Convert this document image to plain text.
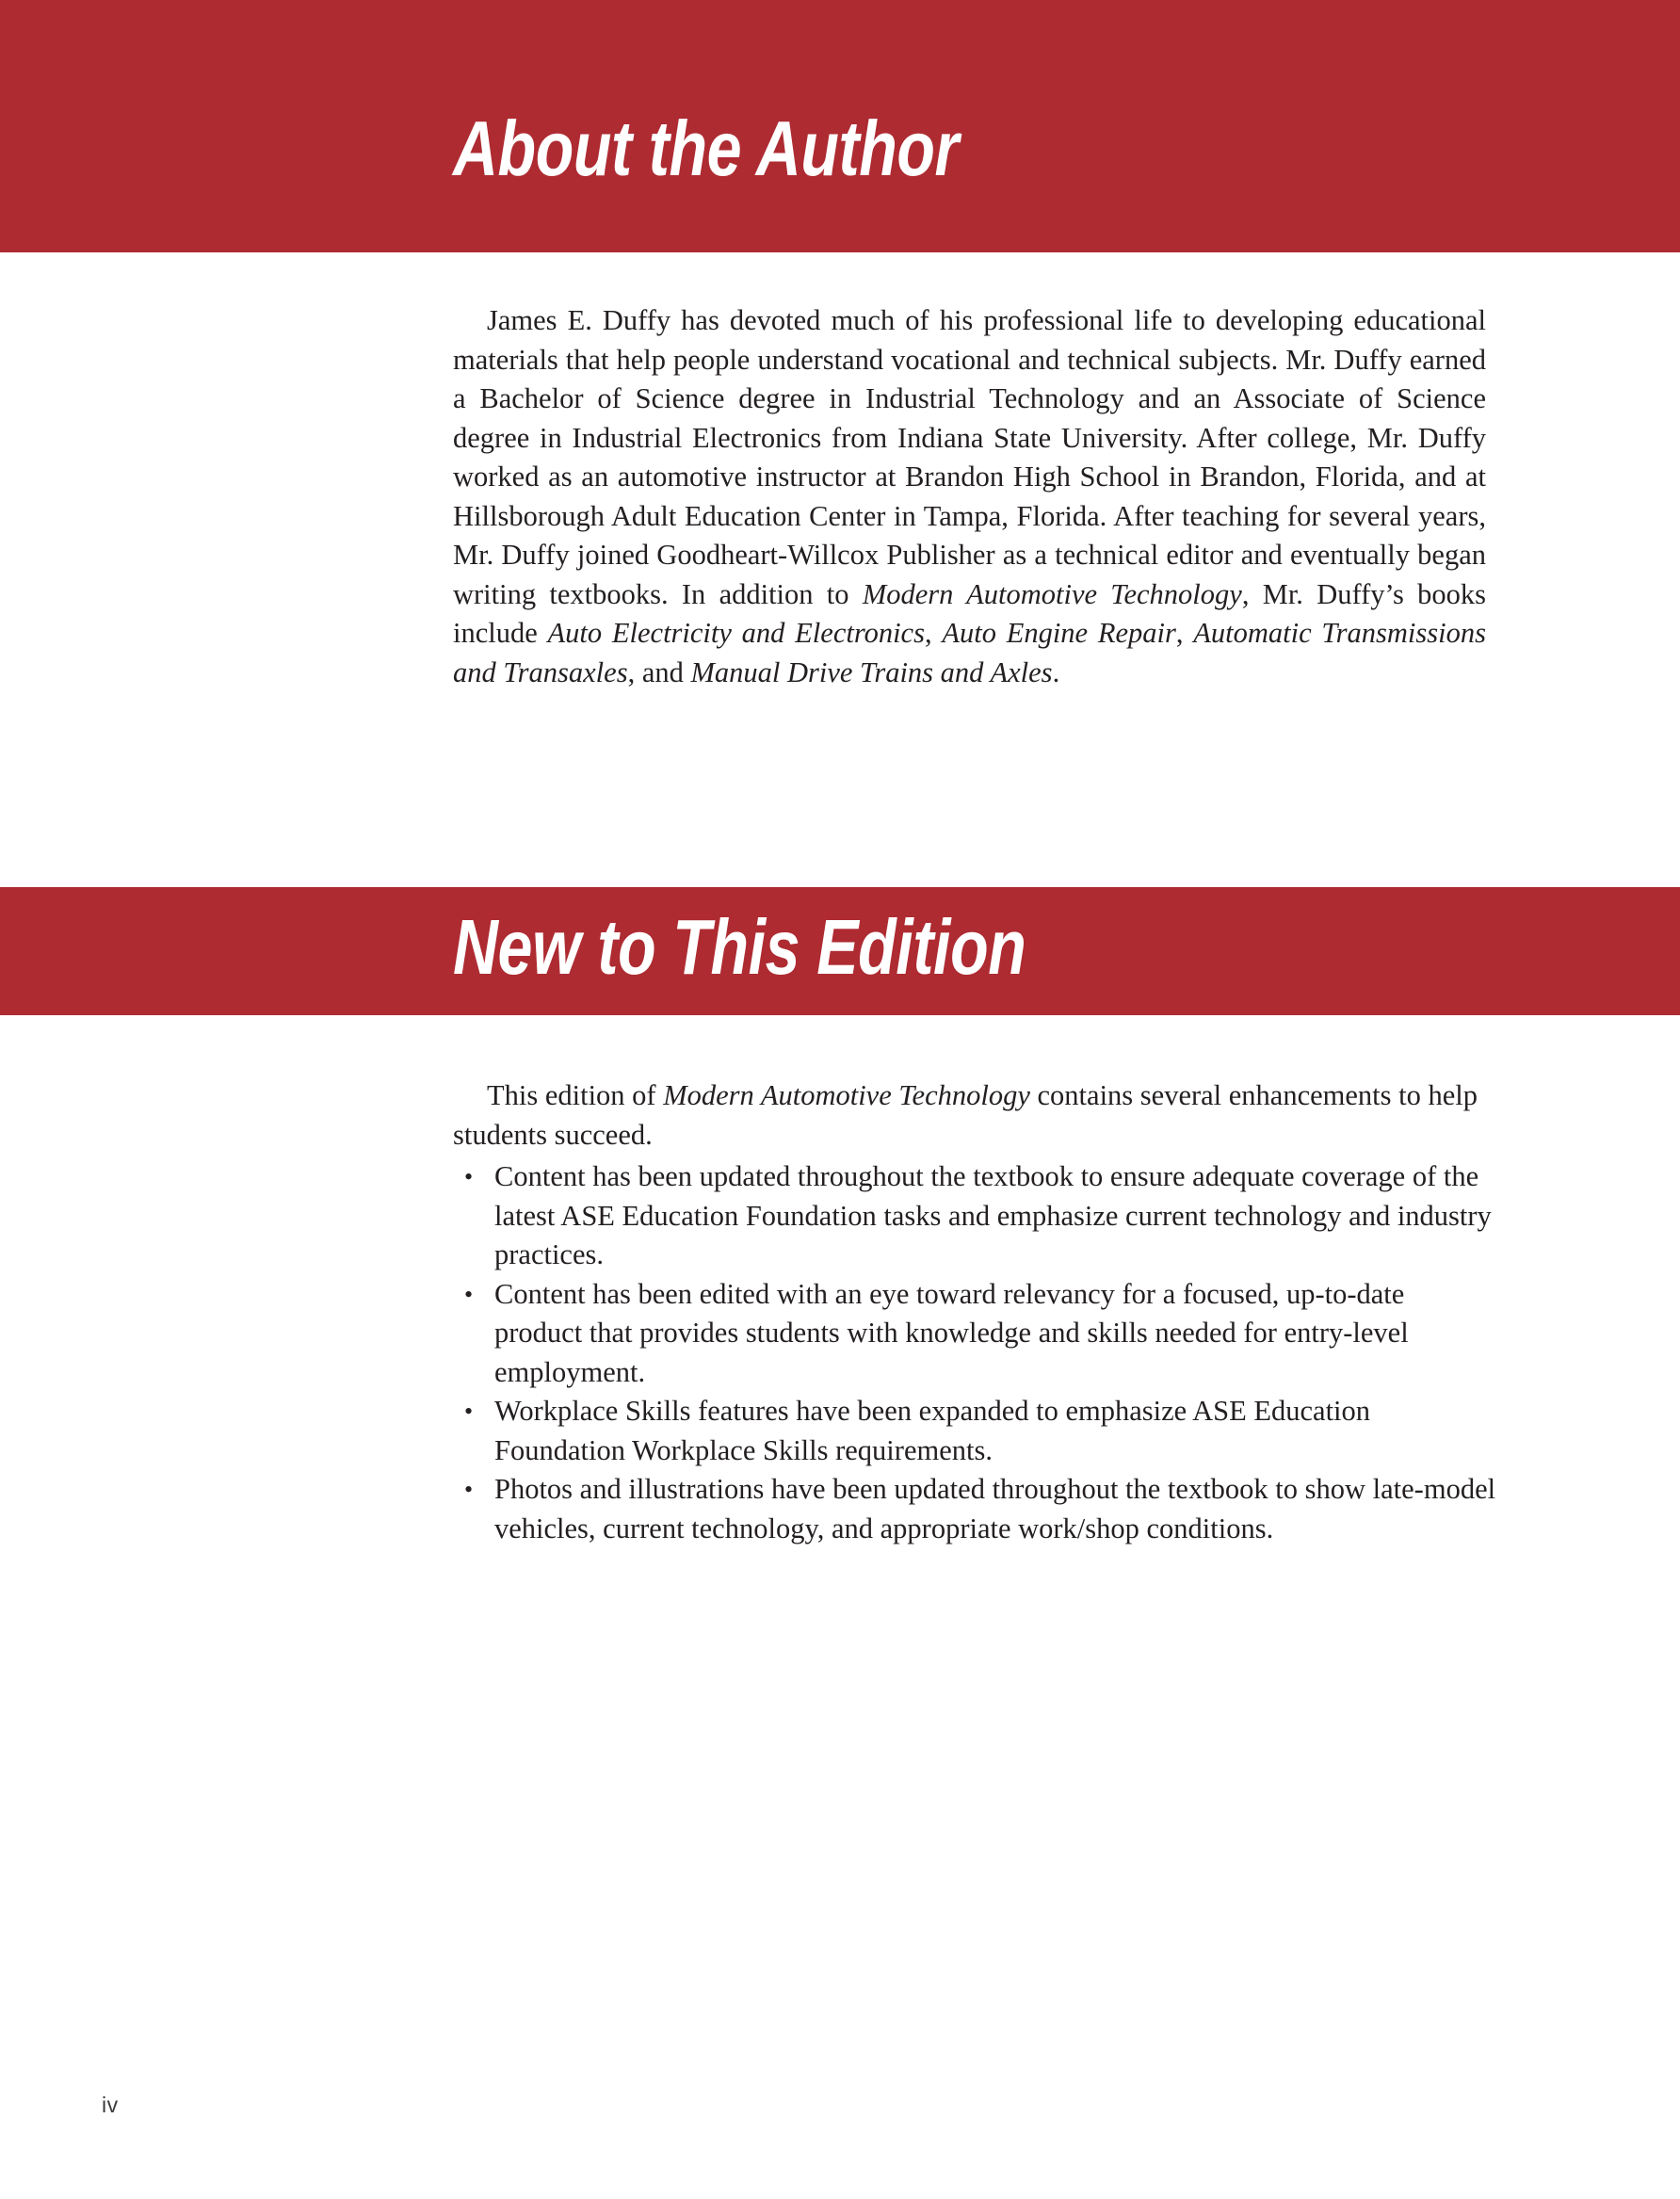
About the Author
James E. Duffy has devoted much of his professional life to developing educational materials that help people understand vocational and technical subjects. Mr. Duffy earned a Bachelor of Science degree in Industrial Technology and an Associate of Science degree in Industrial Electronics from Indiana State University. After college, Mr. Duffy worked as an automotive instructor at Brandon High School in Brandon, Florida, and at Hillsborough Adult Education Center in Tampa, Florida. After teaching for several years, Mr. Duffy joined Goodheart-Willcox Publisher as a technical editor and eventually began writing textbooks. In addition to Modern Automotive Technology, Mr. Duffy’s books include Auto Electricity and Electronics, Auto Engine Repair, Automatic Transmissions and Transaxles, and Manual Drive Trains and Axles.
New to This Edition
This edition of Modern Automotive Technology contains several enhancements to help students succeed.
• Content has been updated throughout the textbook to ensure adequate coverage of the latest ASE Education Foundation tasks and emphasize current technology and industry practices.
• Content has been edited with an eye toward relevancy for a focused, up-to-date product that provides students with knowledge and skills needed for entry-level employment.
• Workplace Skills features have been expanded to emphasize ASE Education Foundation Workplace Skills requirements.
• Photos and illustrations have been updated throughout the textbook to show late-model vehicles, current technology, and appropriate work/shop conditions.
iv
